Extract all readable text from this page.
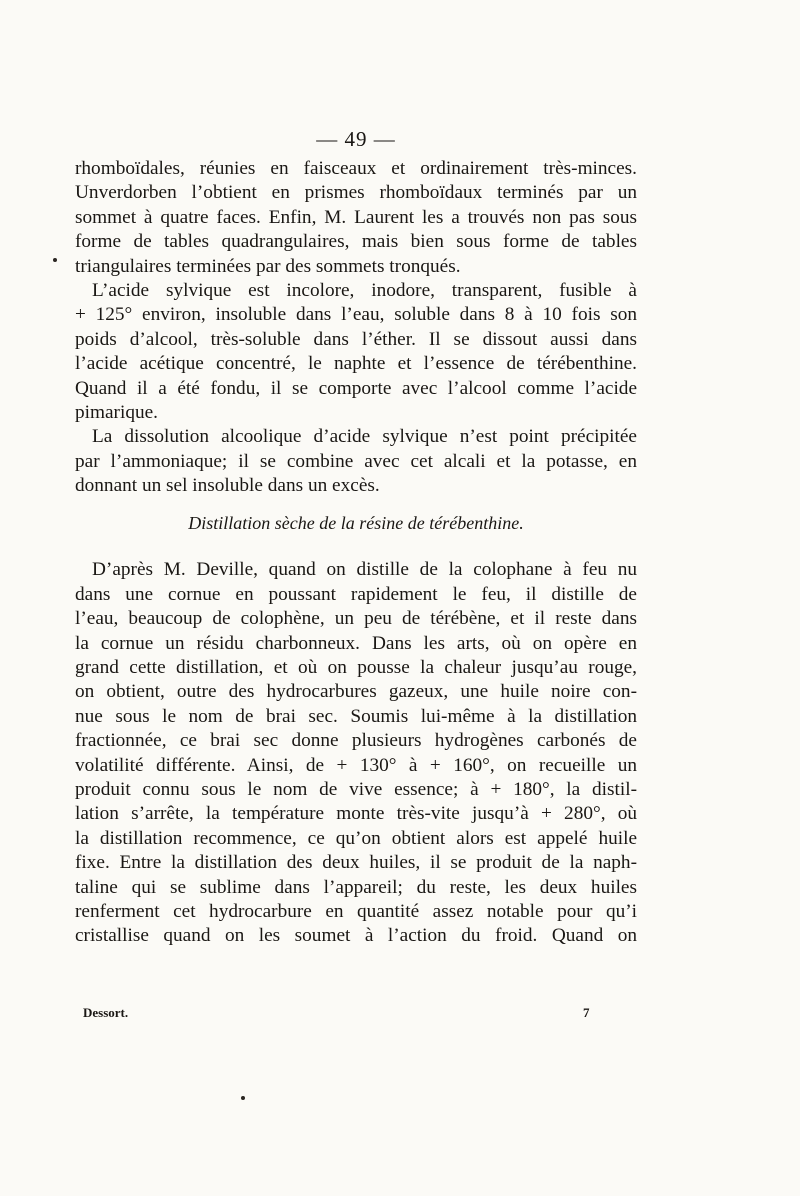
— 49 —
rhomboïdales, réunies en faisceaux et ordinairement très-minces.
Unverdorben l’obtient en prismes rhomboïdaux terminés par un
sommet à quatre faces. Enfin, M. Laurent les a trouvés non pas sous
forme de tables quadrangulaires, mais bien sous forme de tables
triangulaires terminées par des sommets tronqués.
L’acide sylvique est incolore, inodore, transparent, fusible à
+ 125° environ, insoluble dans l’eau, soluble dans 8 à 10 fois son
poids d’alcool, très-soluble dans l’éther. Il se dissout aussi dans
l’acide acétique concentré, le naphte et l’essence de térébenthine.
Quand il a été fondu, il se comporte avec l’alcool comme l’acide
pimarique.
La dissolution alcoolique d’acide sylvique n’est point précipitée
par l’ammoniaque; il se combine avec cet alcali et la potasse, en
donnant un sel insoluble dans un excès.
Distillation sèche de la résine de térébenthine.
D’après M. Deville, quand on distille de la colophane à feu nu
dans une cornue en poussant rapidement le feu, il distille de
l’eau, beaucoup de colophène, un peu de térébène, et il reste dans
la cornue un résidu charbonneux. Dans les arts, où on opère en
grand cette distillation, et où on pousse la chaleur jusqu’au rouge,
on obtient, outre des hydrocarbures gazeux, une huile noire con-
nue sous le nom de brai sec. Soumis lui-même à la distillation
fractionnée, ce brai sec donne plusieurs hydrogènes carbonés de
volatilité différente. Ainsi, de + 130° à + 160°, on recueille un
produit connu sous le nom de vive essence; à + 180°, la distil-
lation s’arrête, la température monte très-vite jusqu’à + 280°, où
la distillation recommence, ce qu’on obtient alors est appelé huile
fixe. Entre la distillation des deux huiles, il se produit de la naph-
taline qui se sublime dans l’appareil; du reste, les deux huiles
renferment cet hydrocarbure en quantité assez notable pour qu’i
cristallise quand on les soumet à l’action du froid. Quand on
Dessort.	7
